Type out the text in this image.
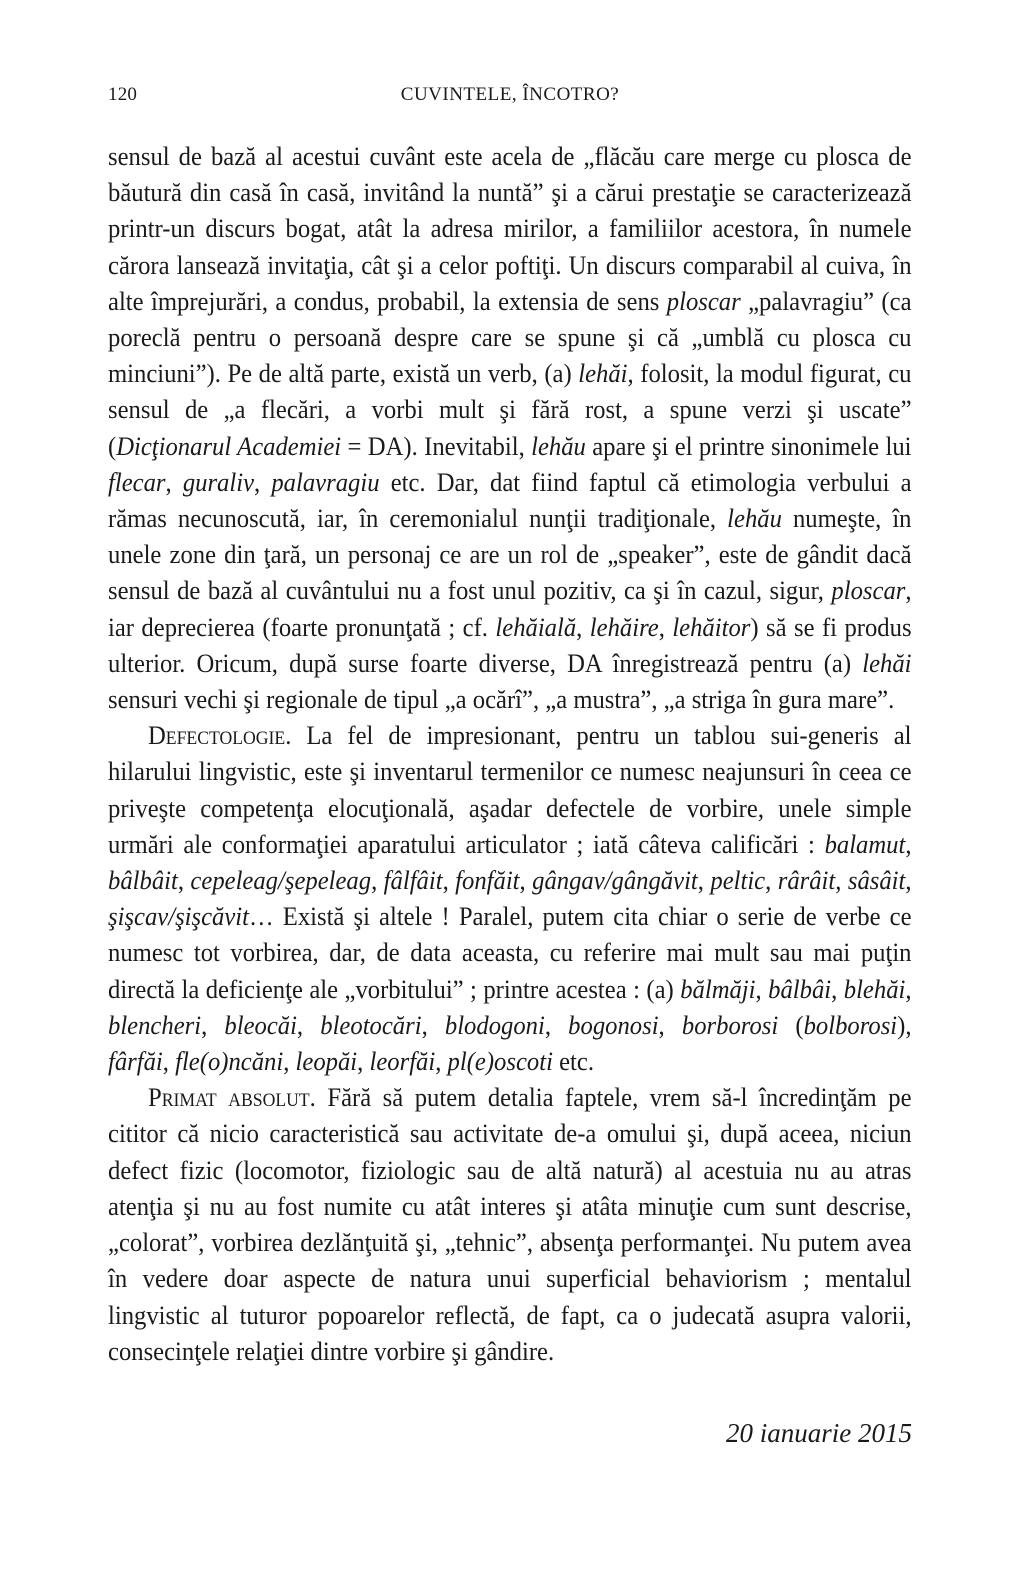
120	CUVINTELE, ÎNCOTRO?

sensul de bază al acestui cuvânt este acela de „flăcău care merge cu plosca de băutură din casă în casă, invitând la nuntă” şi a cărui prestaţie se caracterizează printr-un discurs bogat, atât la adresa mirilor, a familiilor acestora, în numele cărora lansează invitaţia, cât şi a celor poftiţi. Un discurs comparabil al cuiva, în alte împrejurări, a condus, probabil, la extensia de sens ploscar „palavragiu” (ca poreclă pentru o persoană despre care se spune şi că „umblă cu plosca cu minciuni”). Pe de altă parte, există un verb, (a) lehăi, folosit, la modul figurat, cu sensul de „a flecări, a vorbi mult şi fără rost, a spune verzi şi uscate” (Dicţionarul Academiei = DA). Inevitabil, lehău apare şi el printre sinonimele lui flecar, guraliv, palavragiu etc. Dar, dat fiind faptul că etimologia verbului a rămas necunoscută, iar, în ceremonialul nunţii tradiţionale, lehău numeşte, în unele zone din ţară, un personaj ce are un rol de „speaker”, este de gândit dacă sensul de bază al cuvântului nu a fost unul pozitiv, ca şi în cazul, sigur, ploscar, iar deprecierea (foarte pronunţată ; cf. lehăială, lehăire, lehăitor) să se fi produs ulterior. Oricum, după surse foarte diverse, DA înregistrează pentru (a) lehăi sensuri vechi şi regionale de tipul „a ocărî”, „a mustra”, „a striga în gura mare”.

Defectologie. La fel de impresionant, pentru un tablou sui-generis al hilarului lingvistic, este şi inventarul termenilor ce numesc neajunsuri în ceea ce priveşte competenţa elocuţională, aşadar defectele de vorbire, unele simple urmări ale conformaţiei aparatului articulator ; iată câteva calificări : balamut, bâlbâit, cepeleag/şepeleag, fâlfâit, fonfăit, gângav/gângăvit, peltic, rârâit, sâsâit, şişcav/şişcăvit… Există şi altele ! Paralel, putem cita chiar o serie de verbe ce numesc tot vorbirea, dar, de data aceasta, cu referire mai mult sau mai puţin directă la deficienţe ale „vorbitului” ; printre acestea : (a) bălmăji, bâlbâi, blehăi, blencheri, bleocăi, bleotocări, blodogoni, bogonosi, borborosi (bolborosi), fârfăi, fle(o)ncăni, leopăi, leorfăi, pl(e)oscoti etc.

Primat absolut. Fără să putem detalia faptele, vrem să-l încredinţăm pe cititor că nicio caracteristică sau activitate de-a omului şi, după aceea, niciun defect fizic (locomotor, fiziologic sau de altă natură) al acestuia nu au atras atenţia şi nu au fost numite cu atât interes şi atâta minuţie cum sunt descrise, „colorat”, vorbirea dezlănţuită şi, „tehnic”, absenţa performanţei. Nu putem avea în vedere doar aspecte de natura unui superficial behaviorism ; mentalul lingvistic al tuturor popoarelor reflectă, de fapt, ca o judecată asupra valorii, consecinţele relaţiei dintre vorbire şi gândire.

20 ianuarie 2015
